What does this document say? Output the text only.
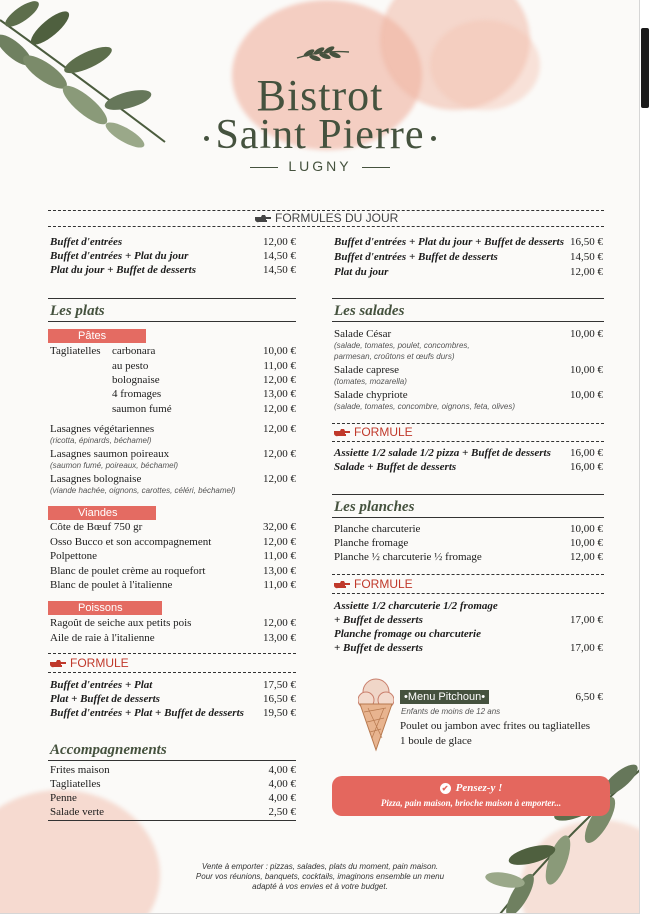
Bistrot
Saint Pierre
LUGNY
FORMULES DU JOUR
Buffet d'entrées	12,00 €
Buffet d'entrées + Plat du jour	14,50 €
Plat du jour + Buffet de desserts	14,50 €
Buffet d'entrées + Plat du jour + Buffet de desserts 16,50 €
Buffet d'entrées + Buffet de desserts	14,50 €
Plat du jour	12,00 €
Les plats
Pâtes
Tagliatelles carbonara	10,00 €
au pesto	11,00 €
bolognaise	12,00 €
4 fromages	13,00 €
saumon fumé	12,00 €
Lasagnes végétariennes	12,00 €
(ricotta, épinards, béchamel)
Lasagnes saumon poireaux	12,00 €
(saumon fumé, poireaux, béchamel)
Lasagnes bolognaise	12,00 €
(viande hachée, oignons, carottes, céléri, béchamel)
Viandes
Côte de Bœuf 750 gr	32,00 €
Osso Bucco et son accompagnement	12,00 €
Polpettone	11,00 €
Blanc de poulet crème au roquefort	13,00 €
Blanc de poulet à l'italienne	11,00 €
Poissons
Ragoût de seiche aux petits pois	12,00 €
Aile de raie à l'italienne	13,00 €
FORMULE
Buffet d'entrées + Plat	17,50 €
Plat + Buffet de desserts	16,50 €
Buffet d'entrées + Plat + Buffet de desserts	19,50 €
Accompagnements
Frites maison	4,00 €
Tagliatelles	4,00 €
Penne	4,00 €
Salade verte	2,50 €
Les salades
Salade César	10,00 €
(salade, tomates, poulet, concombres,
parmesan, croûtons et œufs durs)
Salade caprese	10,00 €
(tomates, mozarella)
Salade chypriote	10,00 €
(salade, tomates, concombre, oignons, feta, olives)
FORMULE
Assiette 1/2 salade 1/2 pizza + Buffet de desserts	16,00 €
Salade + Buffet de desserts	16,00 €
Les planches
Planche charcuterie	10,00 €
Planche fromage	10,00 €
Planche ½ charcuterie ½ fromage	12,00 €
FORMULE
Assiette 1/2 charcuterie 1/2 fromage
+ Buffet de desserts	17,00 €
Planche fromage ou charcuterie
+ Buffet de desserts	17,00 €
•Menu Pitchoun•	6,50 €
Enfants de moins de 12 ans
Poulet ou jambon avec frites ou tagliatelles
1 boule de glace
✔ Pensez-y !
Pizza, pain maison, brioche maison à emporter...
Vente à emporter : pizzas, salades, plats du moment, pain maison.
Pour vos réunions, banquets, cocktails, imaginons ensemble un menu
adapté à vos envies et à votre budget.
